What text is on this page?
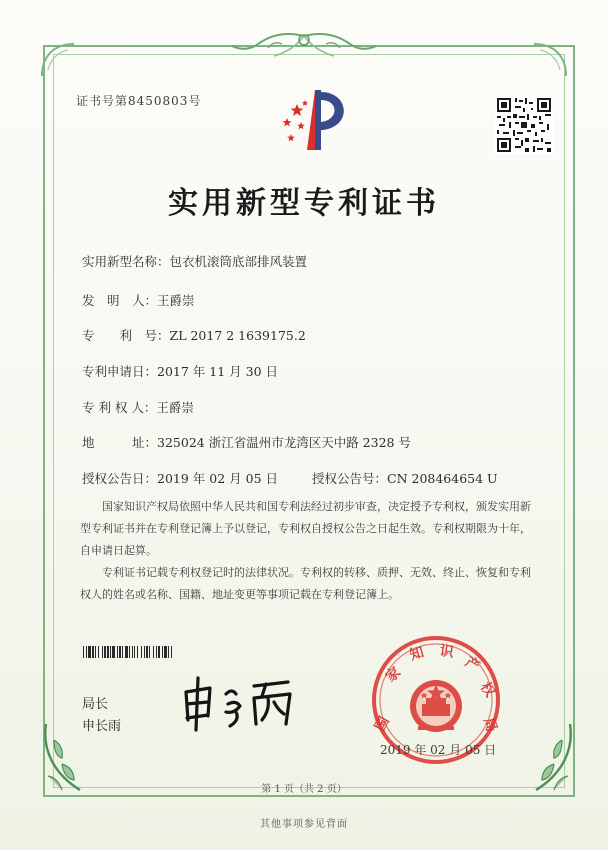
证书号第8450803号
实用新型专利证书
实用新型名称：包衣机滚筒底部排风装置
发　明　人：王爵崇
专　　利　号：ZL 2017 2 1639175.2
专利申请日：2017 年 11 月 30 日
专 利 权 人：王爵崇
地　　　址：325024 浙江省温州市龙湾区天中路 2328 号
授权公告日：2019 年 02 月 05 日	授权公告号：CN 208464654 U
国家知识产权局依照中华人民共和国专利法经过初步审查，决定授予专利权，颁发实用新型专利证书并在专利登记簿上予以登记，专利权自授权公告之日起生效。专利权期限为十年，自申请日起算。
专利证书记载专利权登记时的法律状况。专利权的转移、质押、无效、终止、恢复和专利权人的姓名或名称、国籍、地址变更等事项记载在专利登记簿上。
局长
申长雨	国
家
知 识
产
权
局
2019 年 02 月 05 日
第 1 页（共 2 页）
其他事项参见背面
